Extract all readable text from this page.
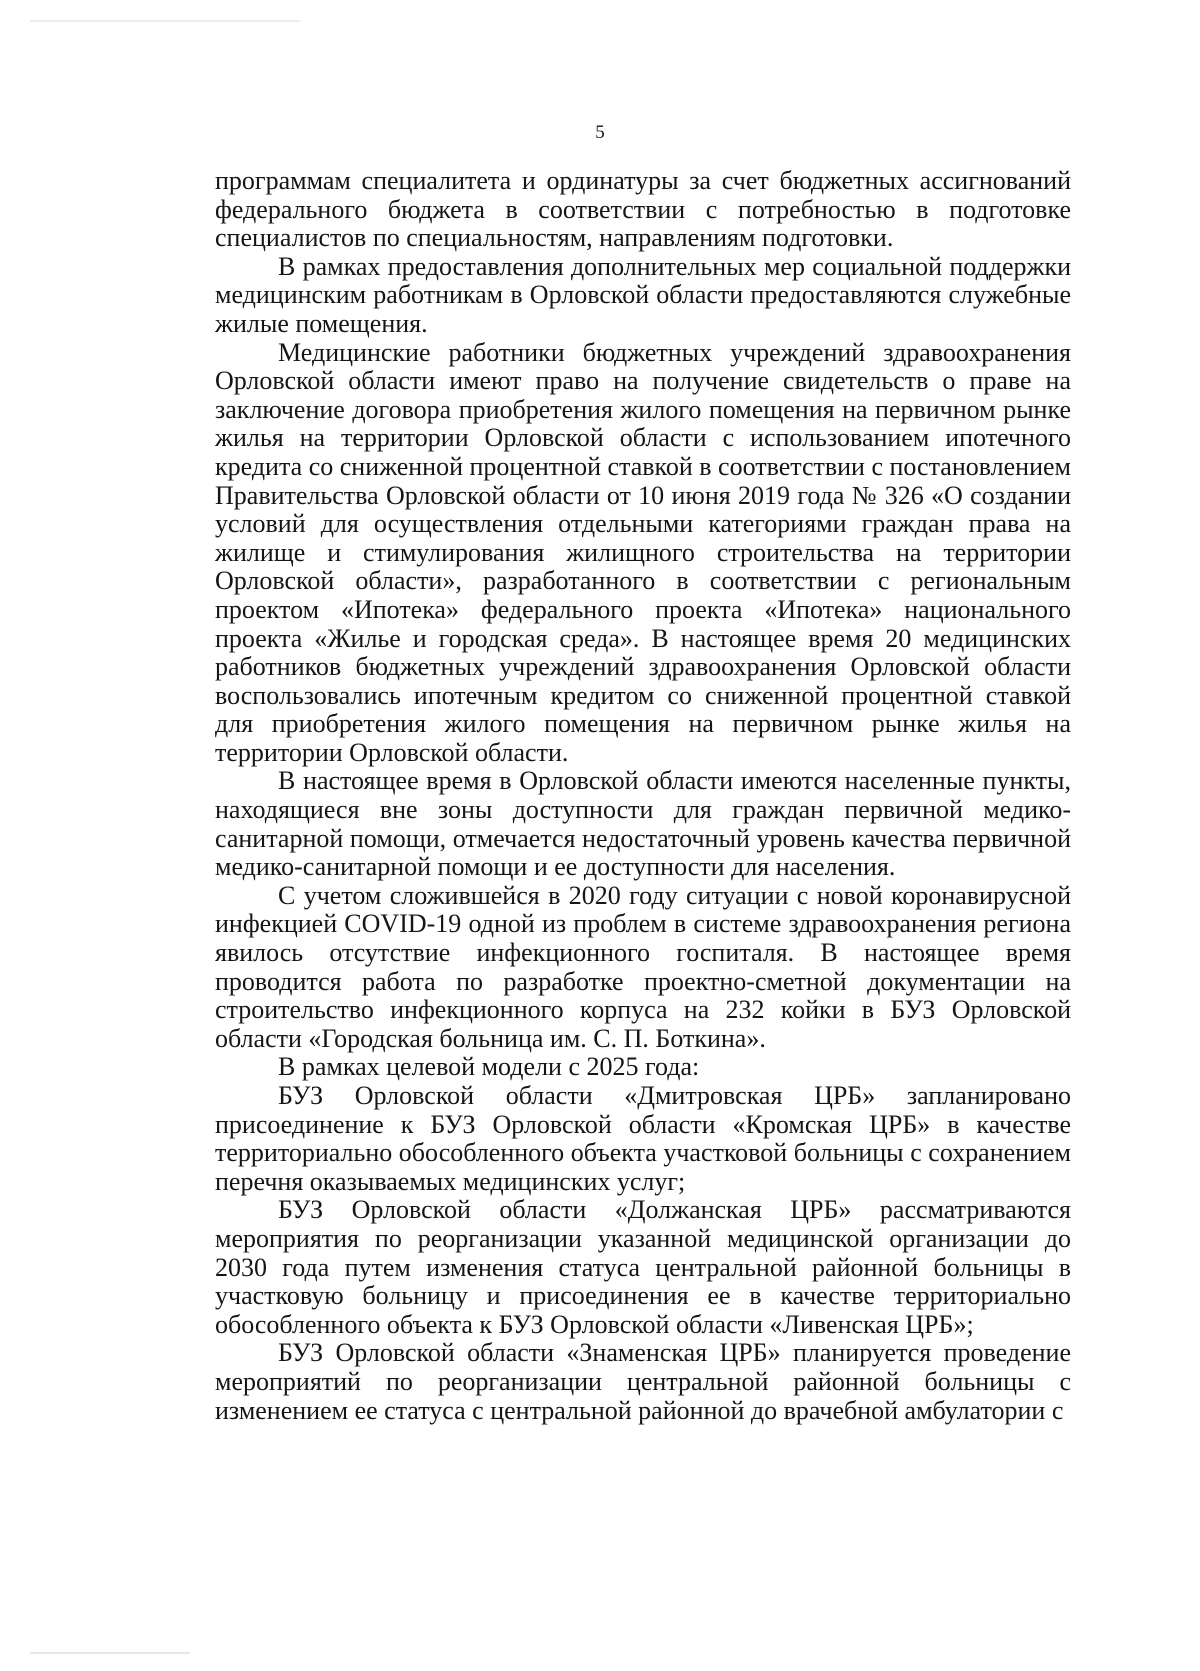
5

программам специалитета и ординатуры за счет бюджетных ассигнований федерального бюджета в соответствии с потребностью в подготовке специалистов по специальностям, направлениям подготовки.

В рамках предоставления дополнительных мер социальной поддержки медицинским работникам в Орловской области предоставляются служебные жилые помещения.

Медицинские работники бюджетных учреждений здравоохранения Орловской области имеют право на получение свидетельств о праве на заключение договора приобретения жилого помещения на первичном рынке жилья на территории Орловской области с использованием ипотечного кредита со сниженной процентной ставкой в соответствии с постановлением Правительства Орловской области от 10 июня 2019 года № 326 «О создании условий для осуществления отдельными категориями граждан права на жилище и стимулирования жилищного строительства на территории Орловской области», разработанного в соответствии с региональным проектом «Ипотека» федерального проекта «Ипотека» национального проекта «Жилье и городская среда». В настоящее время 20 медицинских работников бюджетных учреждений здравоохранения Орловской области воспользовались ипотечным кредитом со сниженной процентной ставкой для приобретения жилого помещения на первичном рынке жилья на территории Орловской области.

В настоящее время в Орловской области имеются населенные пункты, находящиеся вне зоны доступности для граждан первичной медико-санитарной помощи, отмечается недостаточный уровень качества первичной медико-санитарной помощи и ее доступности для населения.

С учетом сложившейся в 2020 году ситуации с новой коронавирусной инфекцией COVID-19 одной из проблем в системе здравоохранения региона явилось отсутствие инфекционного госпиталя. В настоящее время проводится работа по разработке проектно-сметной документации на строительство инфекционного корпуса на 232 койки в БУЗ Орловской области «Городская больница им. С. П. Боткина».

В рамках целевой модели с 2025 года:

БУЗ Орловской области «Дмитровская ЦРБ» запланировано присоединение к БУЗ Орловской области «Кромская ЦРБ» в качестве территориально обособленного объекта участковой больницы с сохранением перечня оказываемых медицинских услуг;

БУЗ Орловской области «Должанская ЦРБ» рассматриваются мероприятия по реорганизации указанной медицинской организации до 2030 года путем изменения статуса центральной районной больницы в участковую больницу и присоединения ее в качестве территориально обособленного объекта к БУЗ Орловской области «Ливенская ЦРБ»;

БУЗ Орловской области «Знаменская ЦРБ» планируется проведение мероприятий по реорганизации центральной районной больницы с изменением ее статуса с центральной районной до врачебной амбулатории с
